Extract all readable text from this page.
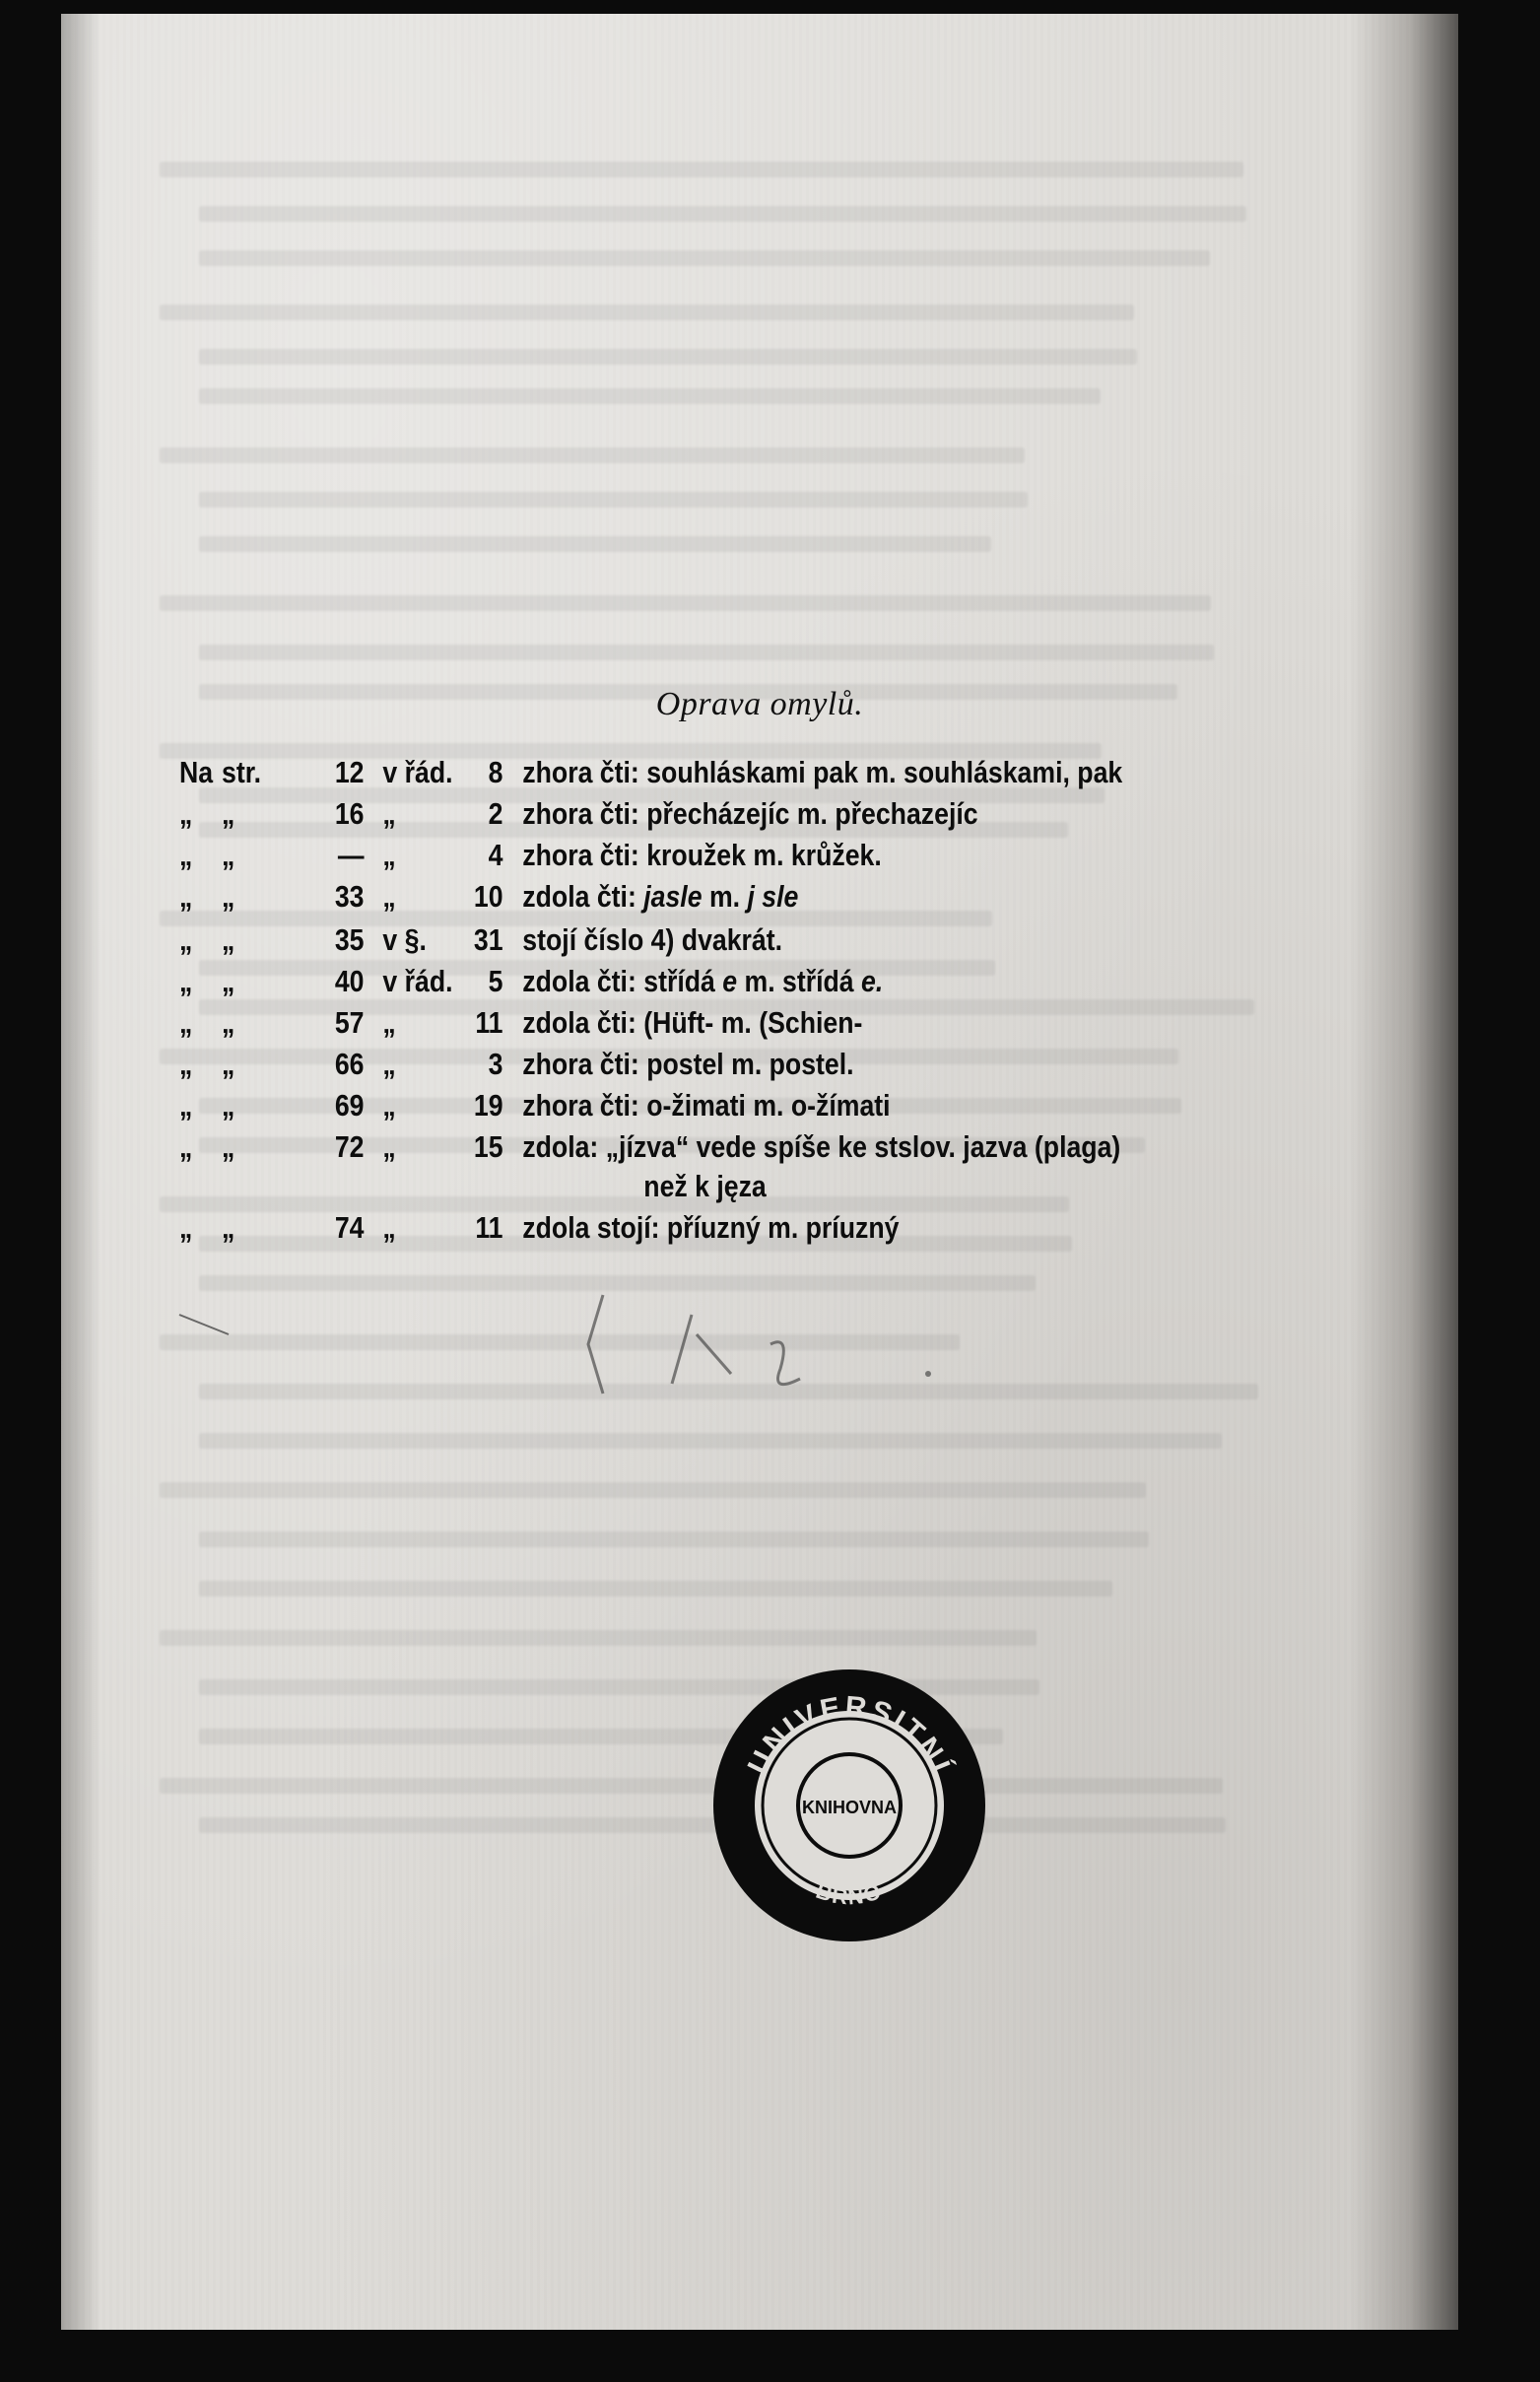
Oprava omylů.
Na str.	12 v řád.	8 zhora čti: souhláskami pak m. souhláskami, pak
„ „	16 „	2 zhora čti: přecházejíc m. přechazejíc
„ „	— „	4 zhora čti: kroužek m. krůžek.
„ „	33 „	10 zdola čti: jasle m. j sle
„ „	35 v §. 31 stojí číslo 4) dvakrát.
„ „	40 v řád.	5 zdola čti: střídá e m. střídá e.
„ „	57 „	11 zdola čti: (Hüft- m. (Schien-
„ „	66 „	3 zhora čti: postel m. postel.
„ „	69 „	19 zhora čti: o-žimati m. o-žímati
„ „	72 „	15 zdola: „jízva“ vede spíše ke stslov. jazva (plaga)
než k jęza
„ „	74 „	11 zdola stojí: příuzný m. príuzný
UNIVERSITNÍ
BRNO
KNIHOVNA
